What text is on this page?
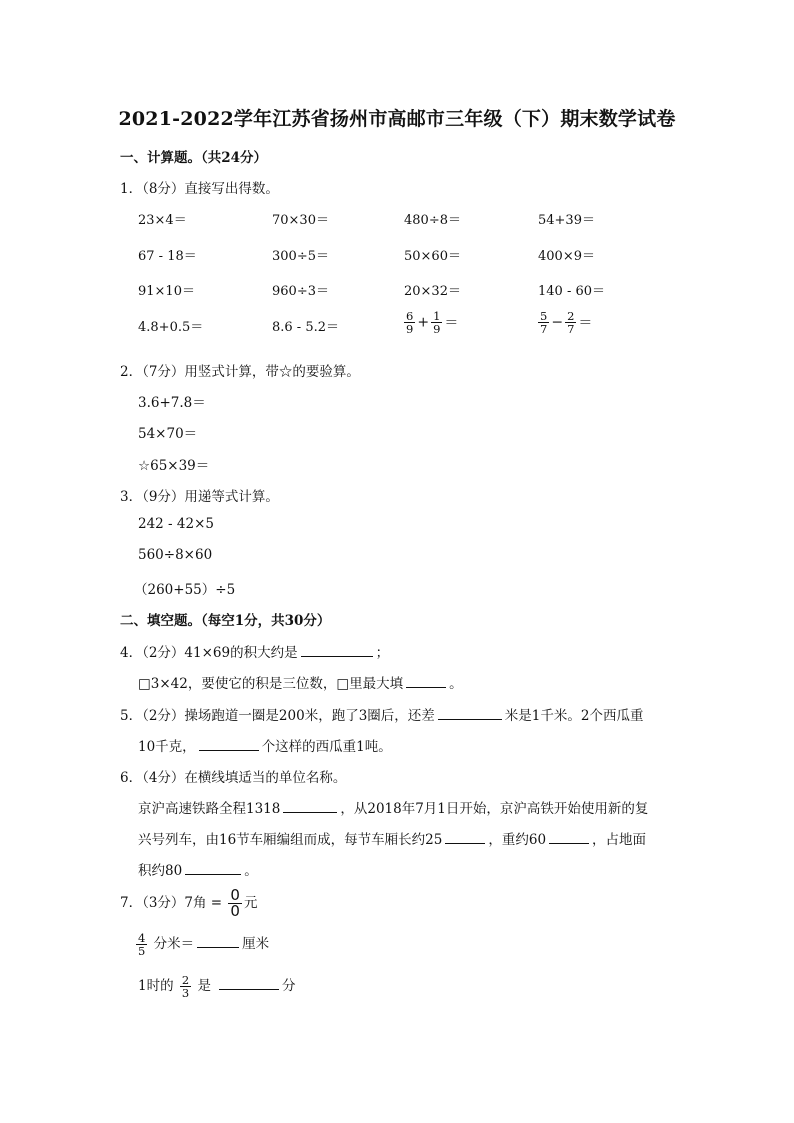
2021-2022学年江苏省扬州市高邮市三年级（下）期末数学试卷
一、计算题。（共24分）
1．（8分）直接写出得数。
23×4＝	70×30＝	480÷8＝	54+39＝
67 - 18＝	300÷5＝	50×60＝	400×9＝
91×10＝	960÷3＝	20×32＝	140 - 60＝
4.8+0.5＝	8.6 - 5.2＝	$\frac{6}{9} + \frac{1}{9}$ ＝	$\frac{5}{7} - \frac{2}{7}$ ＝
2．（7分）用竖式计算，带☆的要验算。
3.6+7.8＝
54×70＝
☆65×39＝
3．（9分）用递等式计算。
242 - 42×5
560÷8×60
（260+55）÷5
二、填空题。（每空1分，共30分）
4．（2分）41×69的积大约是	；
□3×42，要使它的积是三位数，□里最大填	。
5．（2分）操场跑道一圈是200米，跑了3圈后，还差	米是1千米。2个西瓜重
10千克，	个这样的西瓜重1吨。
6．（4分）在横线填适当的单位名称。
京沪高速铁路全程1318	，从2018年7月1日开始，京沪高铁开始使用新的复
兴号列车，由16节车厢编组而成，每节车厢长约25	，重约60	，占地面
积约80	。
7．（3分）7角 = $\frac{0}{0}$ 元
$\frac{4}{5}$ 分米＝	厘米
1时的 $\frac{2}{3}$ 是	分
